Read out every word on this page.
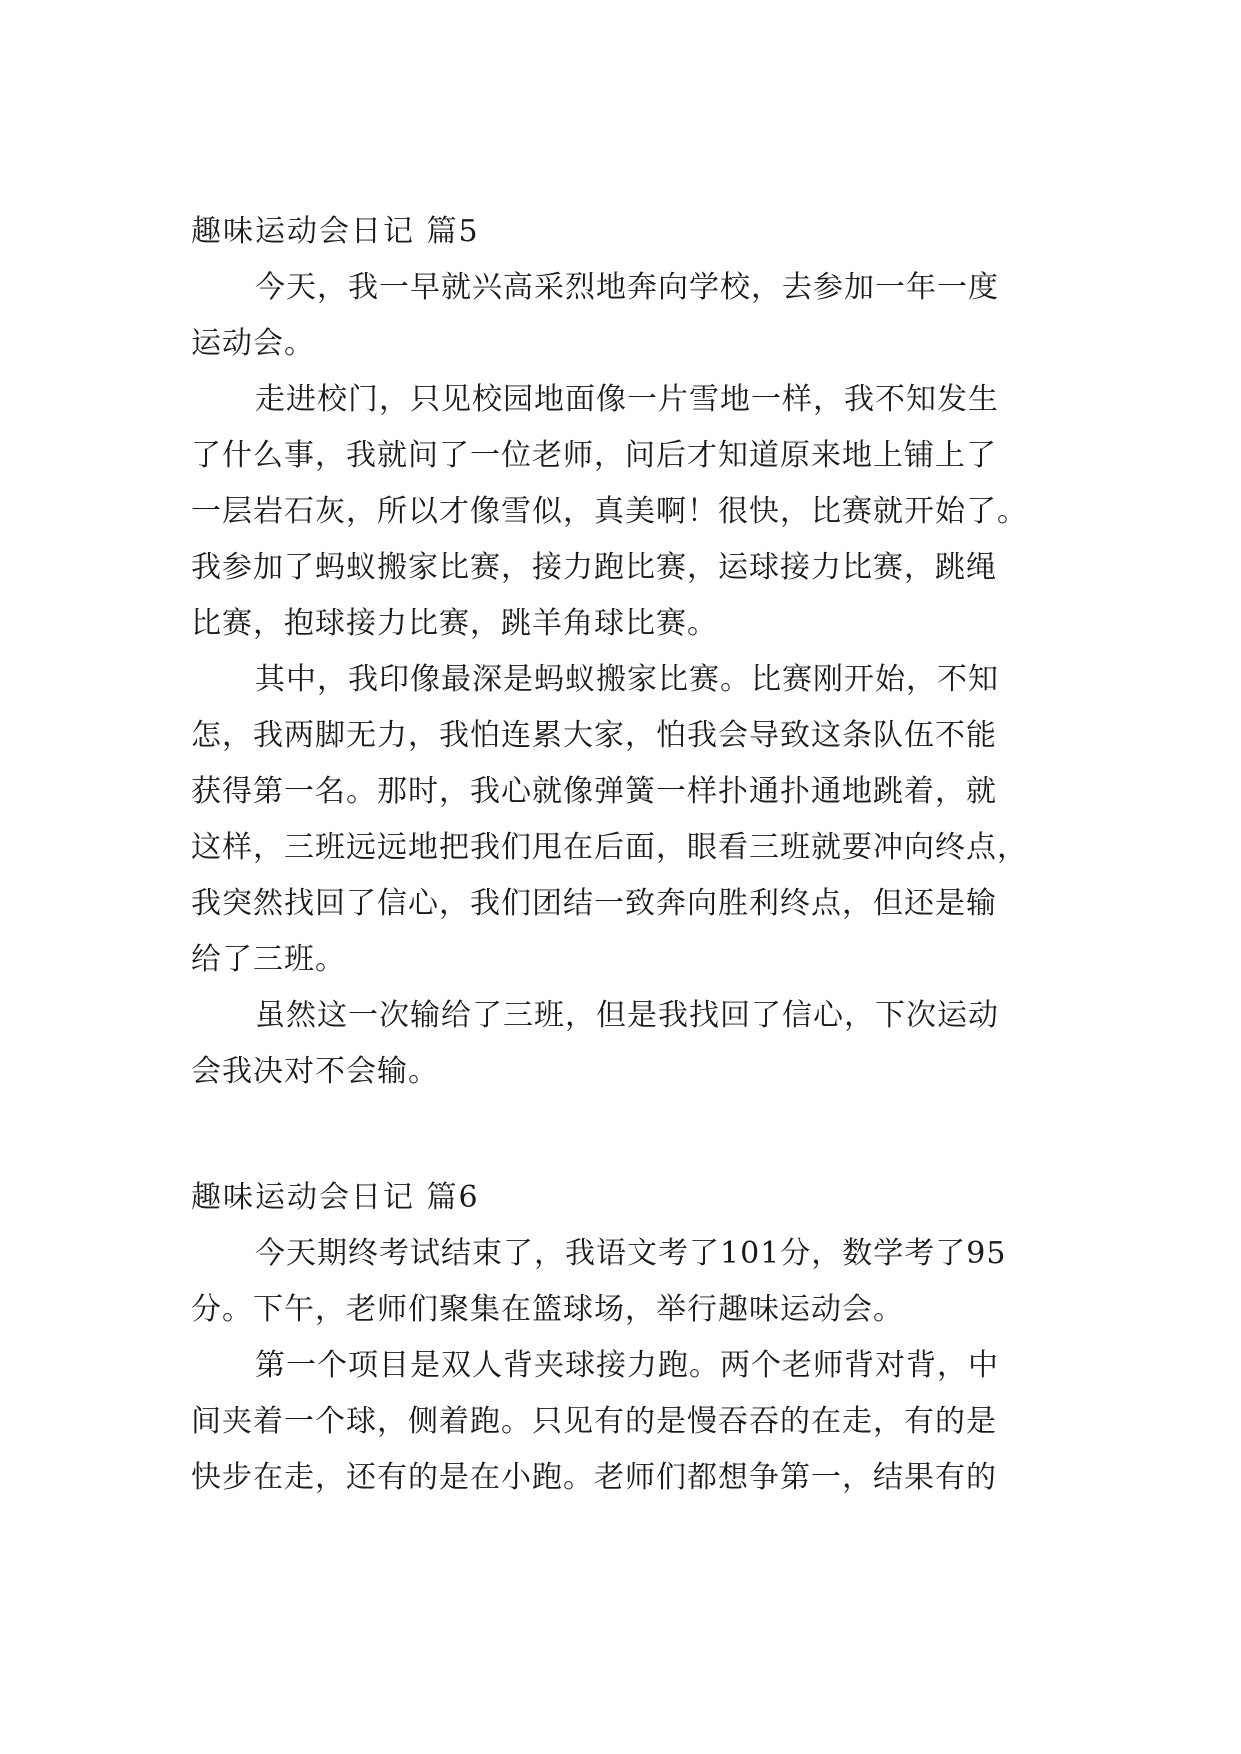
趣味运动会日记 篇5
今天，我一早就兴高采烈地奔向学校，去参加一年一度
运动会。
走进校门，只见校园地面像一片雪地一样，我不知发生
了什么事，我就问了一位老师，问后才知道原来地上铺上了
一层岩石灰，所以才像雪似，真美啊！很快，比赛就开始了。
我参加了蚂蚁搬家比赛，接力跑比赛，运球接力比赛，跳绳
比赛，抱球接力比赛，跳羊角球比赛。
其中，我印像最深是蚂蚁搬家比赛。比赛刚开始，不知
怎，我两脚无力，我怕连累大家，怕我会导致这条队伍不能
获得第一名。那时，我心就像弹簧一样扑通扑通地跳着，就
这样，三班远远地把我们甩在后面，眼看三班就要冲向终点，
我突然找回了信心，我们团结一致奔向胜利终点，但还是输
给了三班。
虽然这一次输给了三班，但是我找回了信心，下次运动
会我决对不会输。
趣味运动会日记 篇6
今天期终考试结束了，我语文考了101分，数学考了95
分。下午，老师们聚集在篮球场，举行趣味运动会。
第一个项目是双人背夹球接力跑。两个老师背对背，中
间夹着一个球，侧着跑。只见有的是慢吞吞的在走，有的是
快步在走，还有的是在小跑。老师们都想争第一，结果有的
